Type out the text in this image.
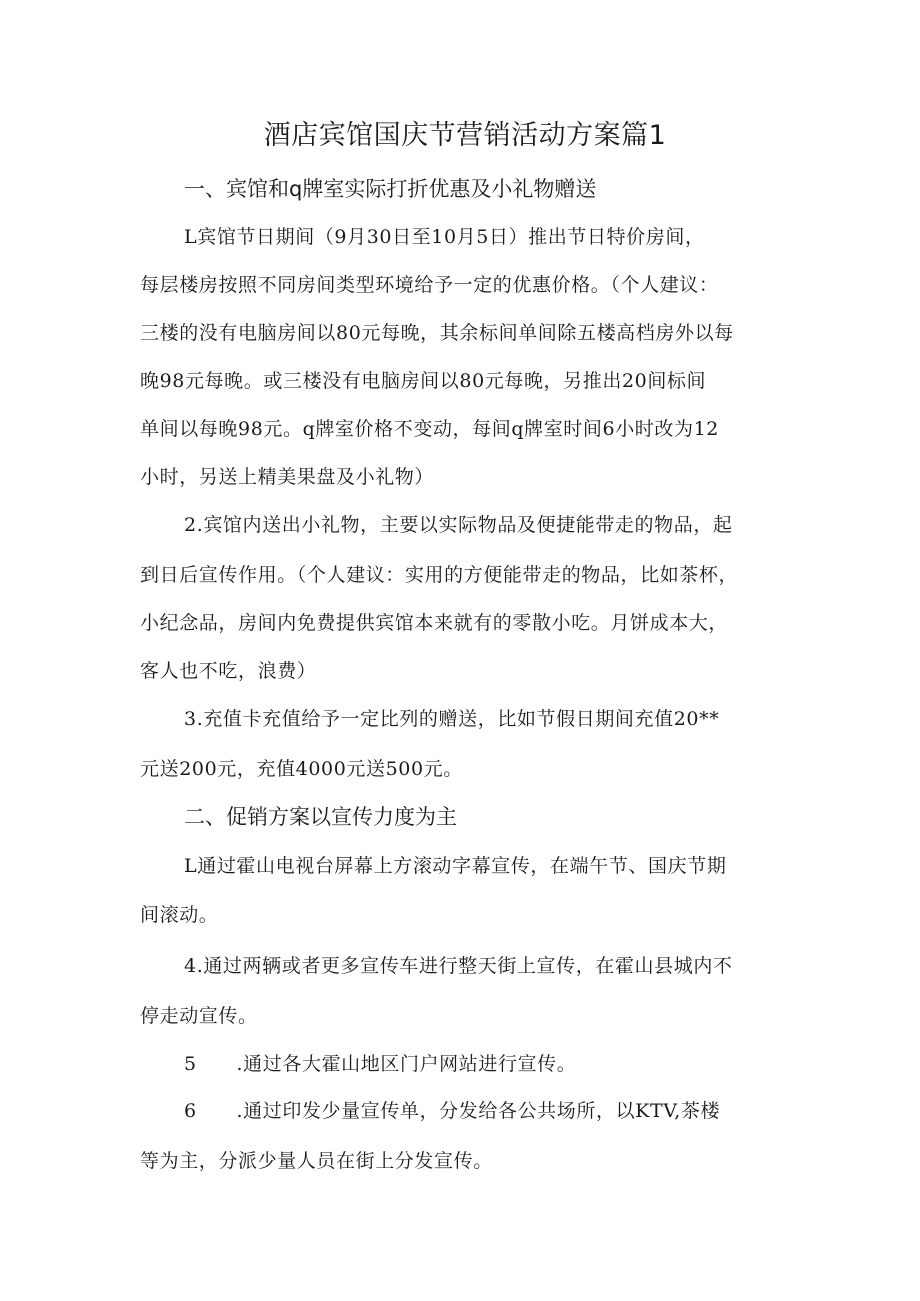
酒店宾馆国庆节营销活动方案篇1
一、宾馆和q牌室实际打折优惠及小礼物赠送
L宾馆节日期间（9月30日至10月5日）推出节日特价房间，
每层楼房按照不同房间类型环境给予一定的优惠价格。（个人建议：
三楼的没有电脑房间以80元每晚，其余标间单间除五楼高档房外以每
晚98元每晚。或三楼没有电脑房间以80元每晚，另推出20间标间
单间以每晚98元。q牌室价格不变动，每间q牌室时间6小时改为12
小时，另送上精美果盘及小礼物）
2.宾馆内送出小礼物，主要以实际物品及便捷能带走的物品，起
到日后宣传作用。（个人建议：实用的方便能带走的物品，比如茶杯，
小纪念品，房间内免费提供宾馆本来就有的零散小吃。月饼成本大，
客人也不吃，浪费）
3.充值卡充值给予一定比列的赠送，比如节假日期间充值20**
元送200元，充值4000元送500元。
二、促销方案以宣传力度为主
L通过霍山电视台屏幕上方滚动字幕宣传，在端午节、国庆节期
间滚动。
4.通过两辆或者更多宣传车进行整天街上宣传，在霍山县城内不
停走动宣传。
5      .通过各大霍山地区门户网站进行宣传。
6      .通过印发少量宣传单，分发给各公共场所，以KTV,茶楼
等为主，分派少量人员在街上分发宣传。
